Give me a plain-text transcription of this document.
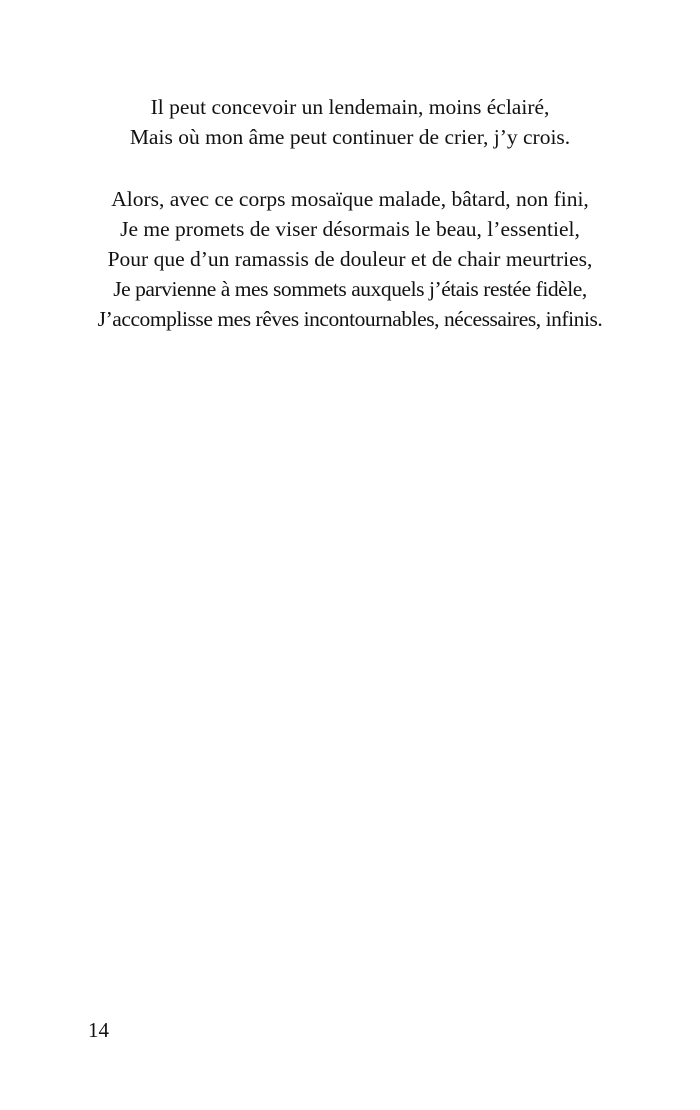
Il peut concevoir un lendemain, moins éclairé,
Mais où mon âme peut continuer de crier, j’y crois.
Alors, avec ce corps mosaïque malade, bâtard, non fini,
Je me promets de viser désormais le beau, l’essentiel,
Pour que d’un ramassis de douleur et de chair meurtries,
Je parvienne à mes sommets auxquels j’étais restée fidèle,
J’accomplisse mes rêves incontournables, nécessaires, infinis.
14
